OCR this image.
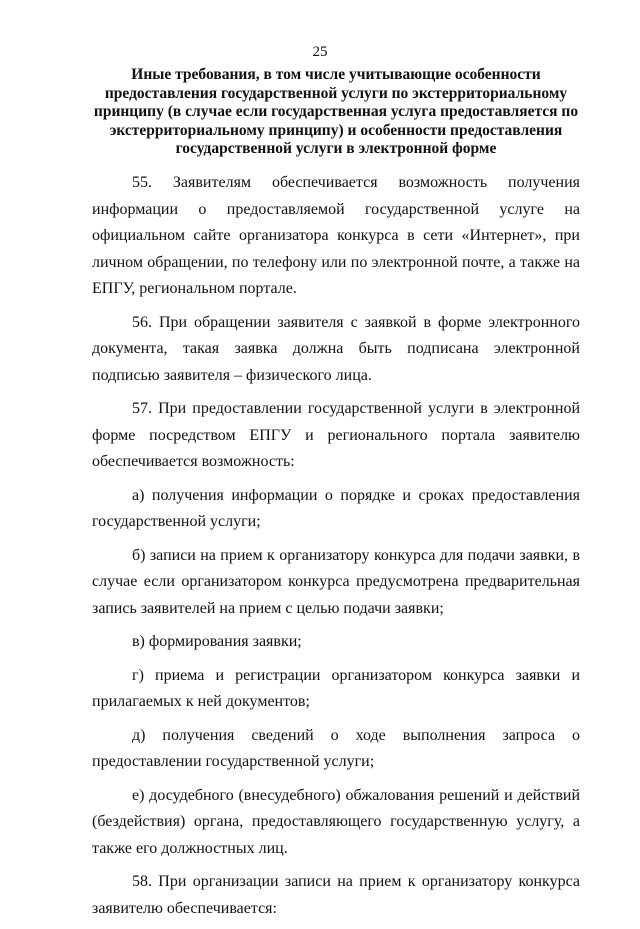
25
Иные требования, в том числе учитывающие особенности предоставления государственной услуги по экстерриториальному принципу (в случае если государственная услуга предоставляется по экстерриториальному принципу) и особенности предоставления государственной услуги в электронной форме

55. Заявителям обеспечивается возможность получения информации о предоставляемой государственной услуге на официальном сайте организатора конкурса в сети «Интернет», при личном обращении, по телефону или по электронной почте, а также на ЕПГУ, региональном портале.

56. При обращении заявителя с заявкой в форме электронного документа, такая заявка должна быть подписана электронной подписью заявителя – физического лица.

57. При предоставлении государственной услуги в электронной форме посредством ЕПГУ и регионального портала заявителю обеспечивается возможность:

а) получения информации о порядке и сроках предоставления государственной услуги;

б) записи на прием к организатору конкурса для подачи заявки, в случае если организатором конкурса предусмотрена предварительная запись заявителей на прием с целью подачи заявки;

в) формирования заявки;

г) приема и регистрации организатором конкурса заявки и прилагаемых к ней документов;

д) получения сведений о ходе выполнения запроса о предоставлении государственной услуги;

е) досудебного (внесудебного) обжалования решений и действий (бездействия) органа, предоставляющего государственную услугу, а также его должностных лиц.

58. При организации записи на прием к организатору конкурса заявителю обеспечивается:
